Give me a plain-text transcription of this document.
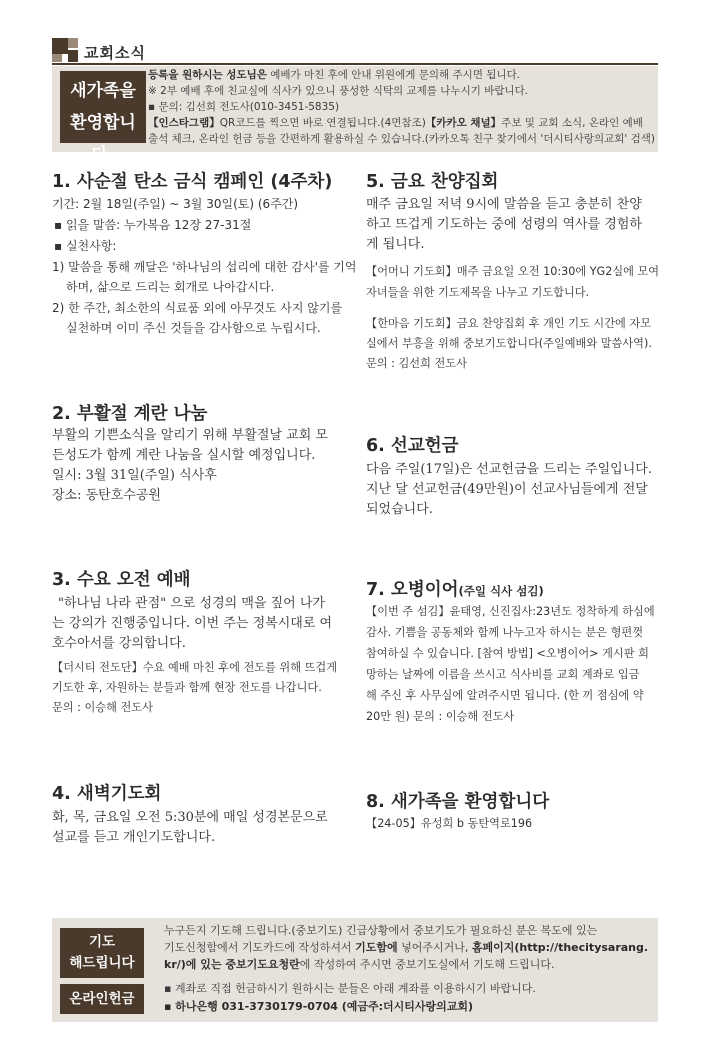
교회소식
새가족을
환영합니다.
등록을 원하시는 성도님은 예배가 마친 후에 안내 위원에게 문의해 주시면 됩니다.
※ 2부 예배 후에 친교실에 식사가 있으니 풍성한 식탁의 교제를 나누시기 바랍니다.
▪ 문의: 김선희 전도사(010-3451-5835)
【인스타그램】QR코드를 찍으면 바로 연결됩니다.(4면참조)【카카오 채널】주보 및 교회 소식, 온라인 예배
출석 체크, 온라인 헌금 등을 간편하게 활용하실 수 있습니다.(카카오톡 친구 찾기에서 '더시티사랑의교회' 검색)
1. 사순절 탄소 금식 캠페인 (4주차)
기간: 2월 18일(주일) ~ 3월 30일(토) (6주간)
▪ 읽을 말씀: 누가복음 12장 27-31절
▪ 실천사항:
1) 말씀을 통해 깨달은 '하나님의 섭리에 대한 감사'를 기억
하며, 삶으로 드리는 회개로 나아갑시다.
2) 한 주간, 최소한의 식료품 외에 아무것도 사지 않기를
실천하며 이미 주신 것들을 감사함으로 누립시다.
2. 부활절 계란 나눔
부활의 기쁜소식을 알리기 위해 부활절날 교회 모
든성도가 함께 계란 나눔을 실시할 예정입니다.
일시: 3월 31일(주일) 식사후
장소: 동탄호수공원
3. 수요 오전 예배
"하나님 나라 관점" 으로 성경의 맥을 짚어 나가
는 강의가 진행중입니다. 이번 주는 정복시대로 여
호수아서를 강의합니다.
【더시티 전도단】수요 예배 마친 후에 전도를 위해 뜨겁게
기도한 후, 자원하는 분들과 함께 현장 전도를 나갑니다.
문의 : 이승해 전도사
4. 새벽기도회
화, 목, 금요일 오전 5:30분에 매일 성경본문으로
설교를 듣고 개인기도합니다.
5. 금요 찬양집회
매주 금요일 저녁 9시에 말씀을 듣고 충분히 찬양
하고 뜨겁게 기도하는 중에 성령의 역사를 경험하
게 됩니다.
【어머니 기도회】매주 금요일 오전 10:30에 YG2실에 모여
자녀들을 위한 기도제목을 나누고 기도합니다.
【한마음 기도회】금요 찬양집회 후 개인 기도 시간에 자모
실에서 부흥을 위해 중보기도합니다(주일예배와 말씀사역).
문의 : 김선희 전도사
6. 선교헌금
다음 주일(17일)은 선교헌금을 드리는 주일입니다.
지난 달 선교헌금(49만원)이 선교사님들에게 전달
되었습니다.
7. 오병이어(주일 식사 섬김)
【이번 주 섬김】윤태영, 신진집사:23년도 정착하게 하심에
감사. 기쁨을 공동체와 함께 나누고자 하시는 분은 형편껏
참여하실 수 있습니다. [참여 방법] <오병이어> 게시판 희
망하는 날짜에 이름을 쓰시고 식사비를 교회 계좌로 입금
해 주신 후 사무실에 알려주시면 됩니다. (한 끼 점심에 약
20만 원) 문의 : 이승해 전도사
8. 새가족을 환영합니다
【24-05】유성희 b 동탄역로196
기도
해드립니다
온라인헌금
누구든지 기도해 드립니다.(중보기도) 긴급상황에서 중보기도가 필요하신 분은 복도에 있는
기도신청함에서 기도카드에 작성하셔서 기도함에 넣어주시거나, 홈페이지(http://thecitysarang.
kr/)에 있는 중보기도요청란에 작성하여 주시면 중보기도실에서 기도해 드립니다.
▪ 계좌로 직접 헌금하시기 원하시는 분들은 아래 계좌를 이용하시기 바랍니다.
▪ 하나은행 031-3730179-0704 (예금주:더시티사랑의교회)
